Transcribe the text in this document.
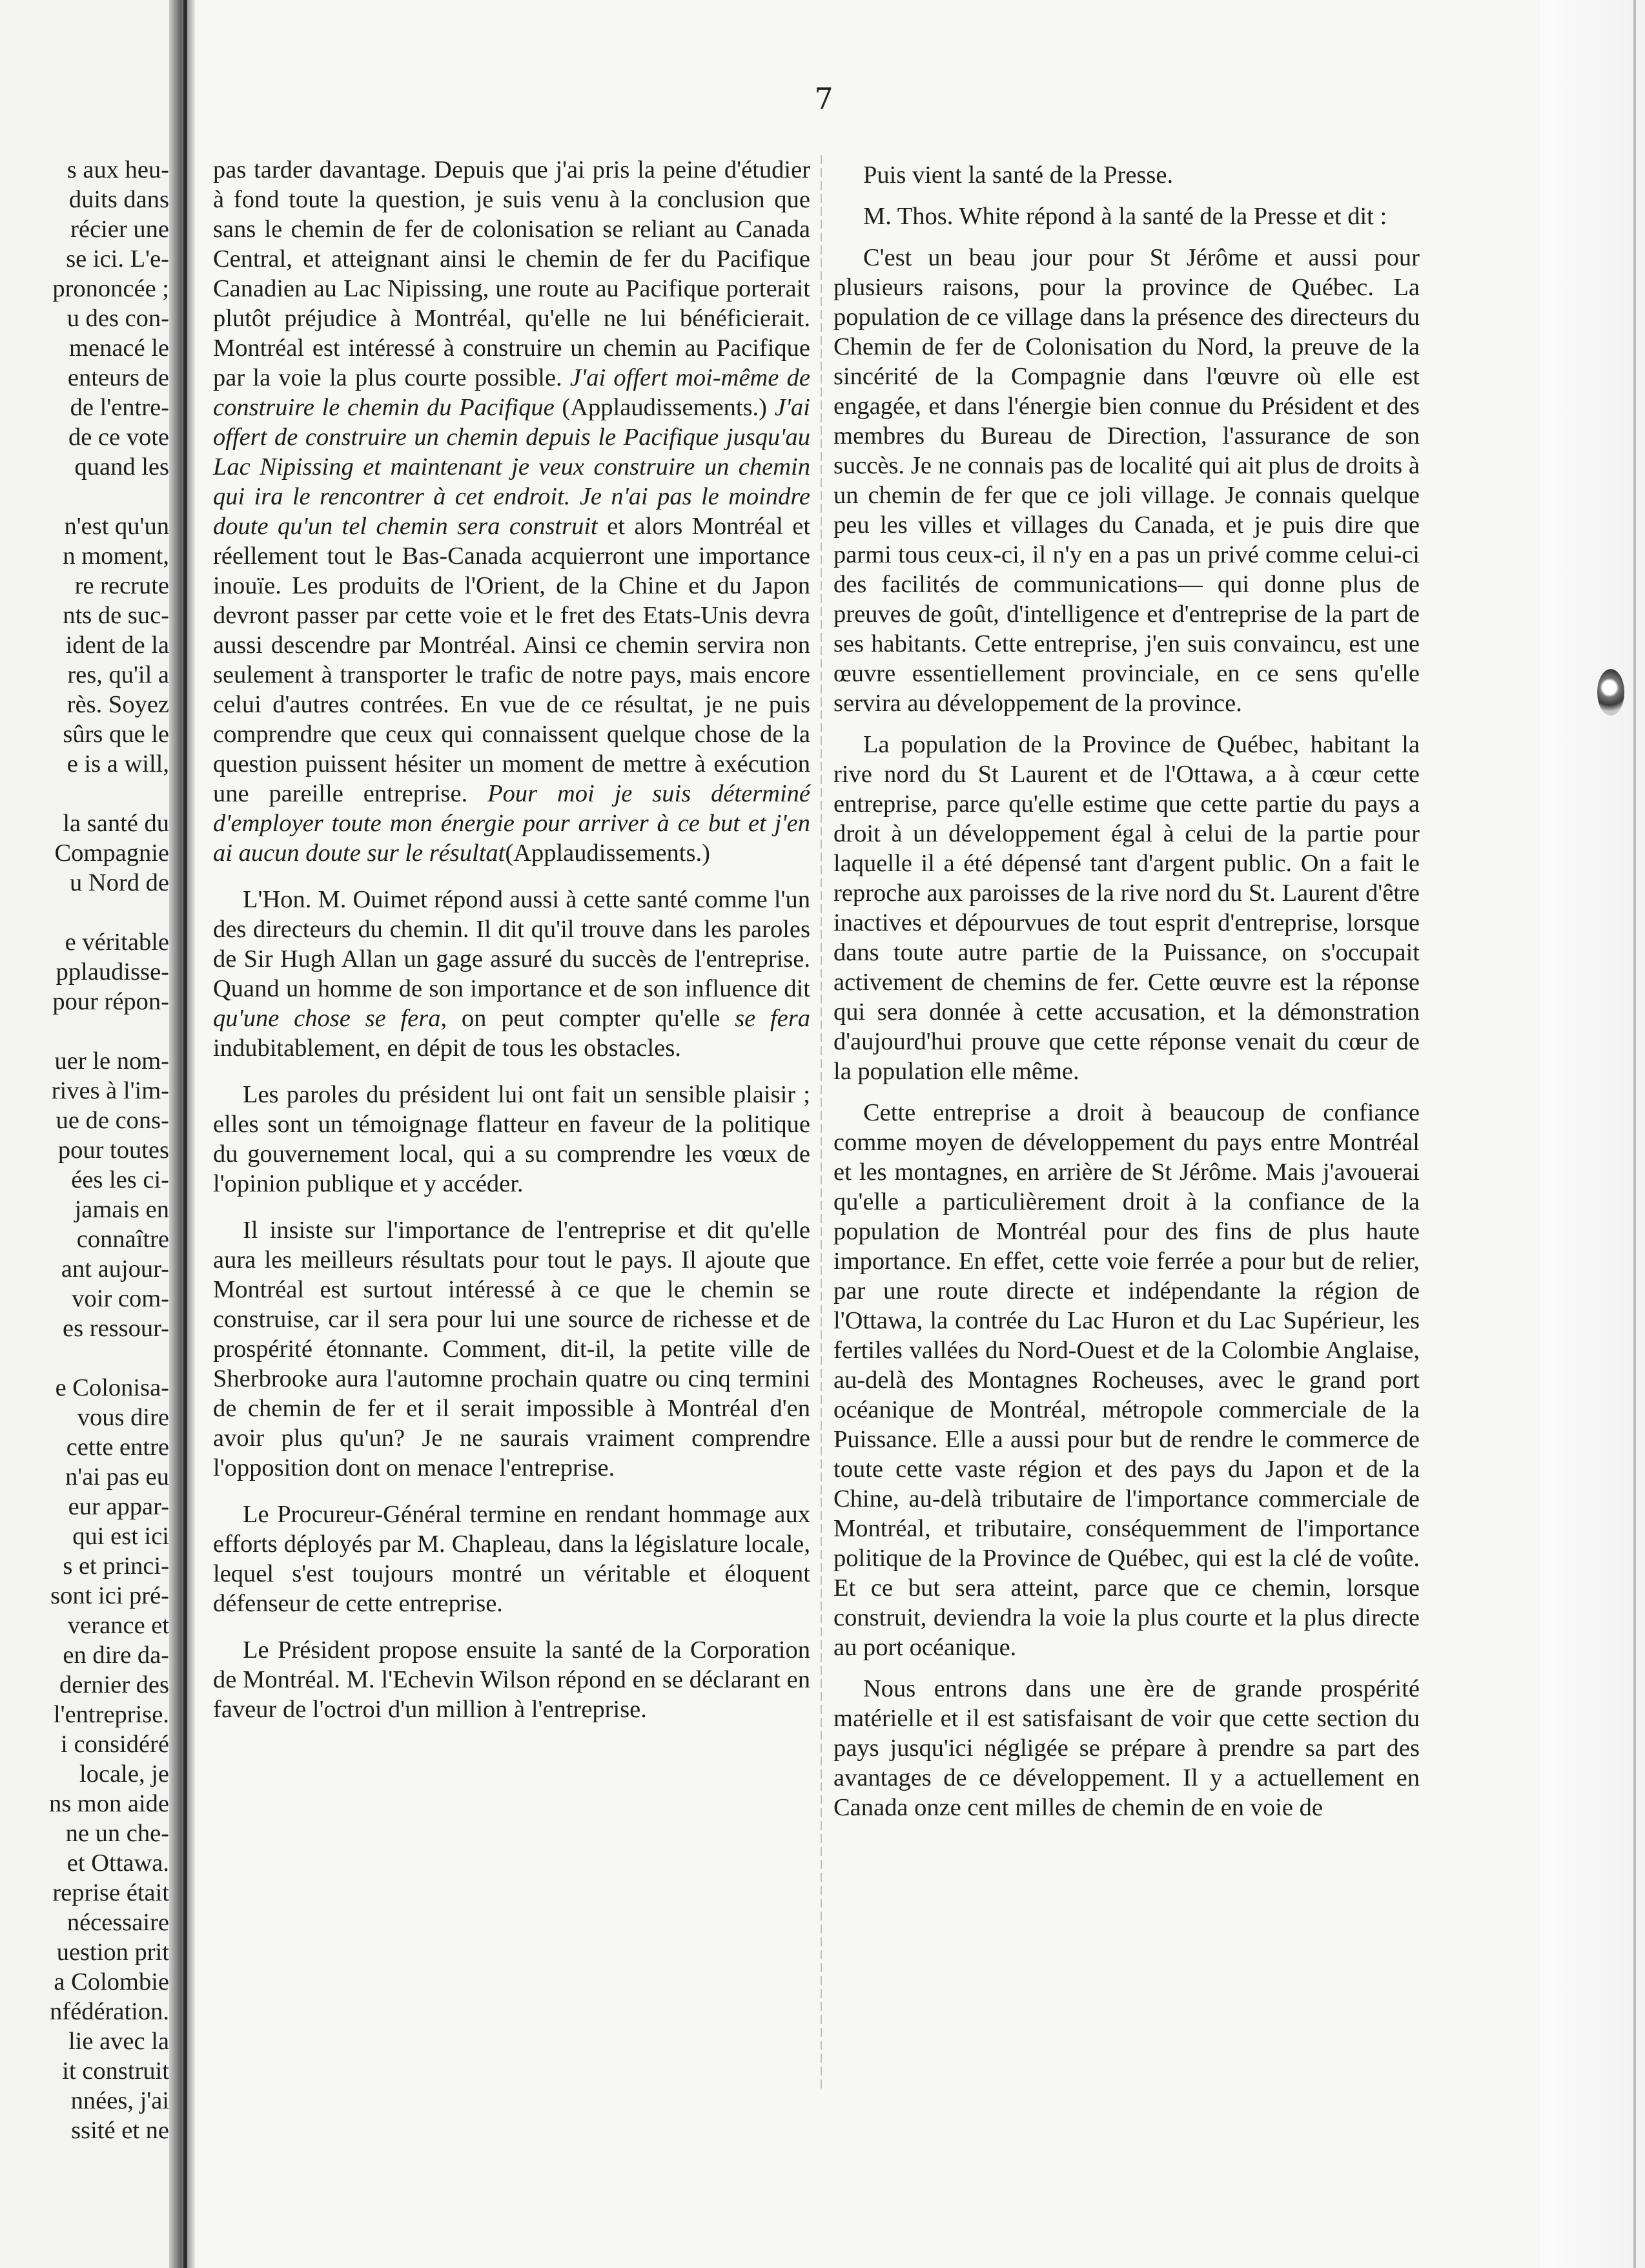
s aux heu-
duits dans
récier une
se ici. L'e-
prononcée ;
u des con-
menacé le
enteurs de
de l'entre-
de ce vote
quand les
n'est qu'un
n moment,
re recrute
nts de suc-
ident de la
res, qu'il a
rès. Soyez
sûrs que le
e is a will,
la santé du
Compagnie
u Nord de
e véritable
pplaudisse-
pour répon-
uer le nom-
rives à l'im-
ue de cons-
pour toutes
ées les ci-
jamais en
connaître
ant aujour-
voir com-
es ressour-
e Colonisa-
vous dire
cette entre
n'ai pas eu
eur appar-
qui est ici
s et princi-
sont ici pré-
verance et
en dire da-
dernier des
l'entreprise.
i considéré
locale, je
ns mon aide
ne un che-
et Ottawa.
reprise était
nécessaire
uestion prit
a Colombie
nfédération.
lie avec la
it construit
nnées, j'ai
ssité et ne
7

pas tarder davantage. Depuis que j'ai pris la peine d'étudier à fond toute la question, je suis venu à la conclusion que sans le chemin de fer de colonisation se reliant au Canada Central, et atteignant ainsi le chemin de fer du Pacifique Canadien au Lac Nipissing, une route au Pacifique porterait plutôt préjudice à Montréal, qu'elle ne lui bénéficierait. Montréal est intéressé à construire un chemin au Pacifique par la voie la plus courte possible. J'ai offert moi-même de construire le chemin du Pacifique (Applaudissements.) J'ai offert de construire un chemin depuis le Pacifique jusqu'au Lac Nipissing et maintenant je veux construire un chemin qui ira le rencontrer à cet endroit. Je n'ai pas le moindre doute qu'un tel chemin sera construit et alors Montréal et réellement tout le Bas-Canada acquierront une importance inouïe. Les produits de l'Orient, de la Chine et du Japon devront passer par cette voie et le fret des Etats-Unis devra aussi descendre par Montréal. Ainsi ce chemin servira non seulement à transporter le trafic de notre pays, mais encore celui d'autres contrées. En vue de ce résultat, je ne puis comprendre que ceux qui connaissent quelque chose de la question puissent hésiter un moment de mettre à exécution une pareille entreprise. Pour moi je suis déterminé d'employer toute mon énergie pour arriver à ce but et j'en ai aucun doute sur le résultat(Applaudissements.)

L'Hon. M. Ouimet répond aussi à cette santé comme l'un des directeurs du chemin. Il dit qu'il trouve dans les paroles de Sir Hugh Allan un gage assuré du succès de l'entreprise. Quand un homme de son importance et de son influence dit qu'une chose se fera, on peut compter qu'elle se fera indubitablement, en dépit de tous les obstacles.

Les paroles du président lui ont fait un sensible plaisir ; elles sont un témoignage flatteur en faveur de la politique du gouvernement local, qui a su comprendre les vœux de l'opinion publique et y accéder.

Il insiste sur l'importance de l'entreprise et dit qu'elle aura les meilleurs résultats pour tout le pays. Il ajoute que Montréal est surtout intéressé à ce que le chemin se construise, car il sera pour lui une source de richesse et de prospérité étonnante. Comment, dit-il, la petite ville de Sherbrooke aura l'automne prochain quatre ou cinq termini de chemin de fer et il serait impossible à Montréal d'en avoir plus qu'un? Je ne saurais vraiment comprendre l'opposition dont on menace l'entreprise.

Le Procureur-Général termine en rendant hommage aux efforts déployés par M. Chapleau, dans la législature locale, lequel s'est toujours montré un véritable et éloquent défenseur de cette entreprise.

Le Président propose ensuite la santé de la Corporation de Montréal. M. l'Echevin Wilson répond en se déclarant en faveur de l'octroi d'un million à l'entreprise.

Puis vient la santé de la Presse.

M. Thos. White répond à la santé de la Presse et dit :

C'est un beau jour pour St Jérôme et aussi pour plusieurs raisons, pour la province de Québec. La population de ce village dans la présence des directeurs du Chemin de fer de Colonisation du Nord, la preuve de la sincérité de la Compagnie dans l'œuvre où elle est engagée, et dans l'énergie bien connue du Président et des membres du Bureau de Direction, l'assurance de son succès. Je ne connais pas de localité qui ait plus de droits à un chemin de fer que ce joli village. Je connais quelque peu les villes et villages du Canada, et je puis dire que parmi tous ceux-ci, il n'y en a pas un privé comme celui-ci des facilités de communications— qui donne plus de preuves de goût, d'intelligence et d'entreprise de la part de ses habitants. Cette entreprise, j'en suis convaincu, est une œuvre essentiellement provinciale, en ce sens qu'elle servira au développement de la province.

La population de la Province de Québec, habitant la rive nord du St Laurent et de l'Ottawa, a à cœur cette entreprise, parce qu'elle estime que cette partie du pays a droit à un développement égal à celui de la partie pour laquelle il a été dépensé tant d'argent public. On a fait le reproche aux paroisses de la rive nord du St. Laurent d'être inactives et dépourvues de tout esprit d'entreprise, lorsque dans toute autre partie de la Puissance, on s'occupait activement de chemins de fer. Cette œuvre est la réponse qui sera donnée à cette accusation, et la démonstration d'aujourd'hui prouve que cette réponse venait du cœur de la population elle même.

Cette entreprise a droit à beaucoup de confiance comme moyen de développement du pays entre Montréal et les montagnes, en arrière de St Jérôme. Mais j'avouerai qu'elle a particulièrement droit à la confiance de la population de Montréal pour des fins de plus haute importance. En effet, cette voie ferrée a pour but de relier, par une route directe et indépendante la région de l'Ottawa, la contrée du Lac Huron et du Lac Supérieur, les fertiles vallées du Nord-Ouest et de la Colombie Anglaise, au-delà des Montagnes Rocheuses, avec le grand port océanique de Montréal, métropole commerciale de la Puissance. Elle a aussi pour but de rendre le commerce de toute cette vaste région et des pays du Japon et de la Chine, au-delà tributaire de l'importance commerciale de Montréal, et tributaire, conséquemment de l'importance politique de la Province de Québec, qui est la clé de voûte. Et ce but sera atteint, parce que ce chemin, lorsque construit, deviendra la voie la plus courte et la plus directe au port océanique.

Nous entrons dans une ère de grande prospérité matérielle et il est satisfaisant de voir que cette section du pays jusqu'ici négligée se prépare à prendre sa part des avantages de ce développement. Il y a actuellement en Canada onze cent milles de chemin de en voie de
